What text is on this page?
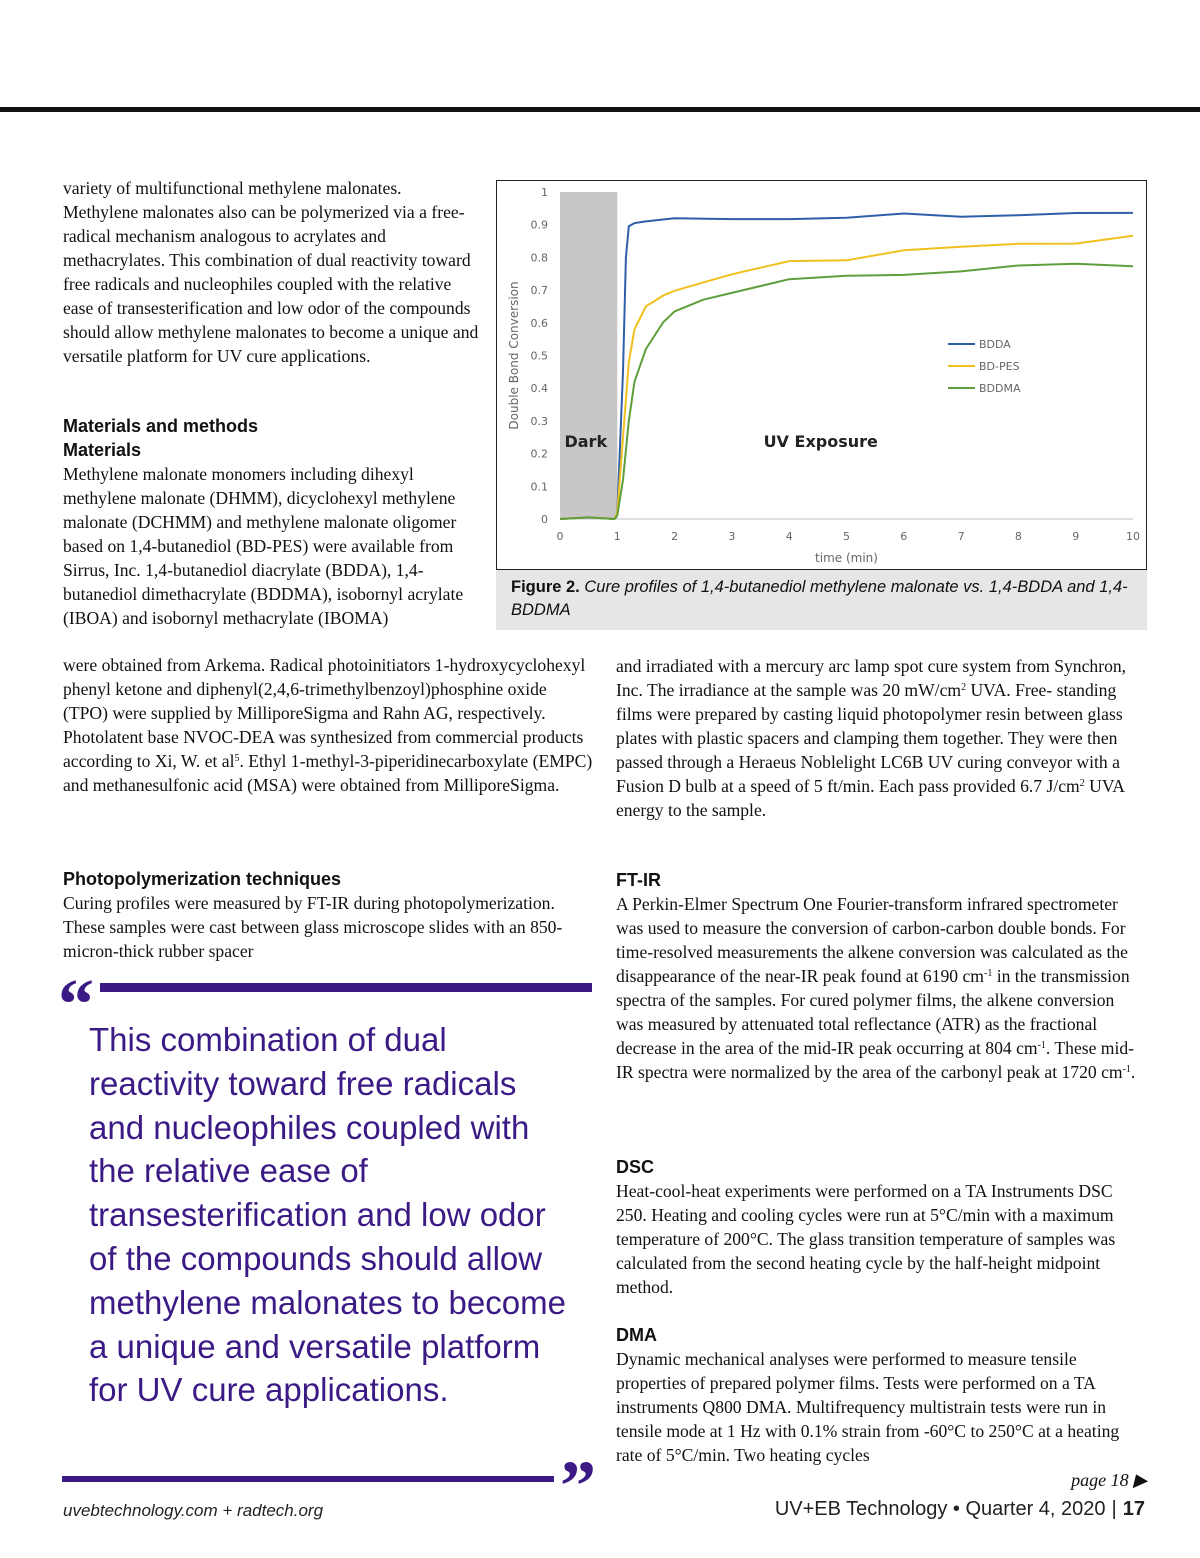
variety of multifunctional methylene malonates. Methylene malonates also can be polymerized via a free-radical mechanism analogous to acrylates and methacrylates. This combination of dual reactivity toward free radicals and nucleophiles coupled with the relative ease of transesterification and low odor of the compounds should allow methylene malonates to become a unique and versatile platform for UV cure applications.

Materials and methods

Materials

Methylene malonate monomers including dihexyl methylene malonate (DHMM), dicyclohexyl methylene malonate (DCHMM) and methylene malonate oligomer based on 1,4-butanediol (BD-PES) were available from Sirrus, Inc. 1,4-butanediol diacrylate (BDDA), 1,4-butanediol dimethacrylate (BDDMA), isobornyl acrylate (IBOA) and isobornyl methacrylate (IBOMA)

were obtained from Arkema. Radical photoinitiators 1-hydroxycyclohexyl phenyl ketone and diphenyl(2,4,6-trimethylbenzoyl)phosphine oxide (TPO) were supplied by MilliporeSigma and Rahn AG, respectively. Photolatent base NVOC-DEA was synthesized from commercial products according to Xi, W. et $al^5$. Ethyl 1-methyl-3-piperidinecarboxylate (EMPC) and methanesulfonic acid (MSA) were obtained from MilliporeSigma.

Photopolymerization techniques

Curing profiles were measured by FT-IR during photopolymerization. These samples were cast between glass microscope slides with an 850-micron-thick rubber spacer

“
This combination of dual reactivity toward free radicals and nucleophiles coupled with the relative ease of transesterification and low odor of the compounds should allow methylene malonates to become a unique and versatile platform for UV cure applications.
”
BDDA
BD-PES
BDDMA
0
0.1
0.2
0.3
0.4
0.5
0.6
0.7
0.8
0.9
1
0	1	2	3	4	5	6	7	8	9	10
time (min)
Double Bond Conversion
Dark	UV Exposure
Figure 2. Cure profiles of 1,4-butanediol methylene malonate vs. 1,4-BDDA and 1,4-BDDMA

and irradiated with a mercury arc lamp spot cure system from Synchron, Inc. The irradiance at the sample was 20 $mW/cm^2$ UVA. Free- standing films were prepared by casting liquid photopolymer resin between glass plates with plastic spacers and clamping them together. They were then passed through a Heraeus Noblelight LC6B UV curing conveyor with a Fusion D bulb at a speed of 5 ft/min. Each pass provided 6.7 $J/cm^2$ UVA energy to the sample.

FT-IR

A Perkin-Elmer Spectrum One Fourier-transform infrared spectrometer was used to measure the conversion of carbon-carbon double bonds. For time-resolved measurements the alkene conversion was calculated as the disappearance of the near-IR peak found at 6190 $cm^{-1}$ in the transmission spectra of the samples. For cured polymer films, the alkene conversion was measured by attenuated total reflectance (ATR) as the fractional decrease in the area of the mid-IR peak occurring at 804 $cm^{-1}$. These mid-IR spectra were normalized by the area of the carbonyl peak at 1720 $cm^{-1}$.

DSC

Heat-cool-heat experiments were performed on a TA Instruments DSC 250. Heating and cooling cycles were run at 5°C/min with a maximum temperature of 200°C. The glass transition temperature of samples was calculated from the second heating cycle by the half-height midpoint method.

DMA

Dynamic mechanical analyses were performed to measure tensile properties of prepared polymer films. Tests were performed on a TA instruments Q800 DMA. Multifrequency multistrain tests were run in tensile mode at 1 Hz with 0.1% strain from -60°C to 250°C at a heating rate of 5°C/min. Two heating cycles

page 18 ▶
uvebtechnology.com + radtech.org	UV+EB Technology • Quarter 4, 2020 | 17
